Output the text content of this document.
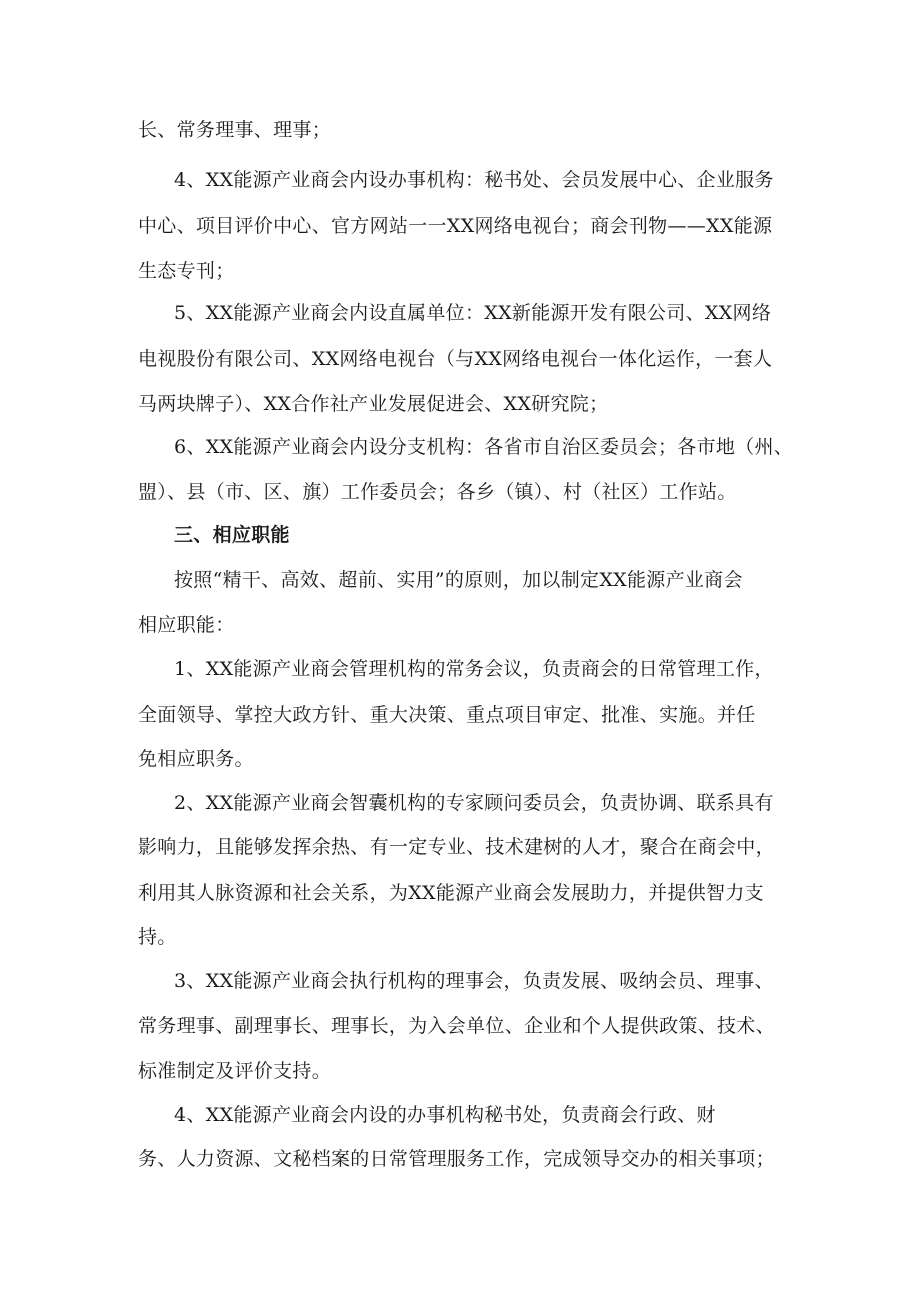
长、常务理事、理事；
4、XX能源产业商会内设办事机构：秘书处、会员发展中心、企业服务
中心、项目评价中心、官方网站一一XX网络电视台；商会刊物——XX能源
生态专刊；
5、XX能源产业商会内设直属单位：XX新能源开发有限公司、XX网络
电视股份有限公司、XX网络电视台（与XX网络电视台一体化运作，一套人
马两块牌子）、XX合作社产业发展促进会、XX研究院；
6、XX能源产业商会内设分支机构：各省市自治区委员会；各市地（州、
盟）、县（市、区、旗）工作委员会；各乡（镇）、村（社区）工作站。
三、相应职能
按照“精干、高效、超前、实用”的原则，加以制定XX能源产业商会
相应职能：
1、XX能源产业商会管理机构的常务会议，负责商会的日常管理工作，
全面领导、掌控大政方针、重大决策、重点项目审定、批准、实施。并任
免相应职务。
2、XX能源产业商会智囊机构的专家顾问委员会，负责协调、联系具有
影响力，且能够发挥余热、有一定专业、技术建树的人才，聚合在商会中，
利用其人脉资源和社会关系，为XX能源产业商会发展助力，并提供智力支
持。
3、XX能源产业商会执行机构的理事会，负责发展、吸纳会员、理事、
常务理事、副理事长、理事长，为入会单位、企业和个人提供政策、技术、
标准制定及评价支持。
4、XX能源产业商会内设的办事机构秘书处，负责商会行政、财
务、人力资源、文秘档案的日常管理服务工作，完成领导交办的相关事项；
